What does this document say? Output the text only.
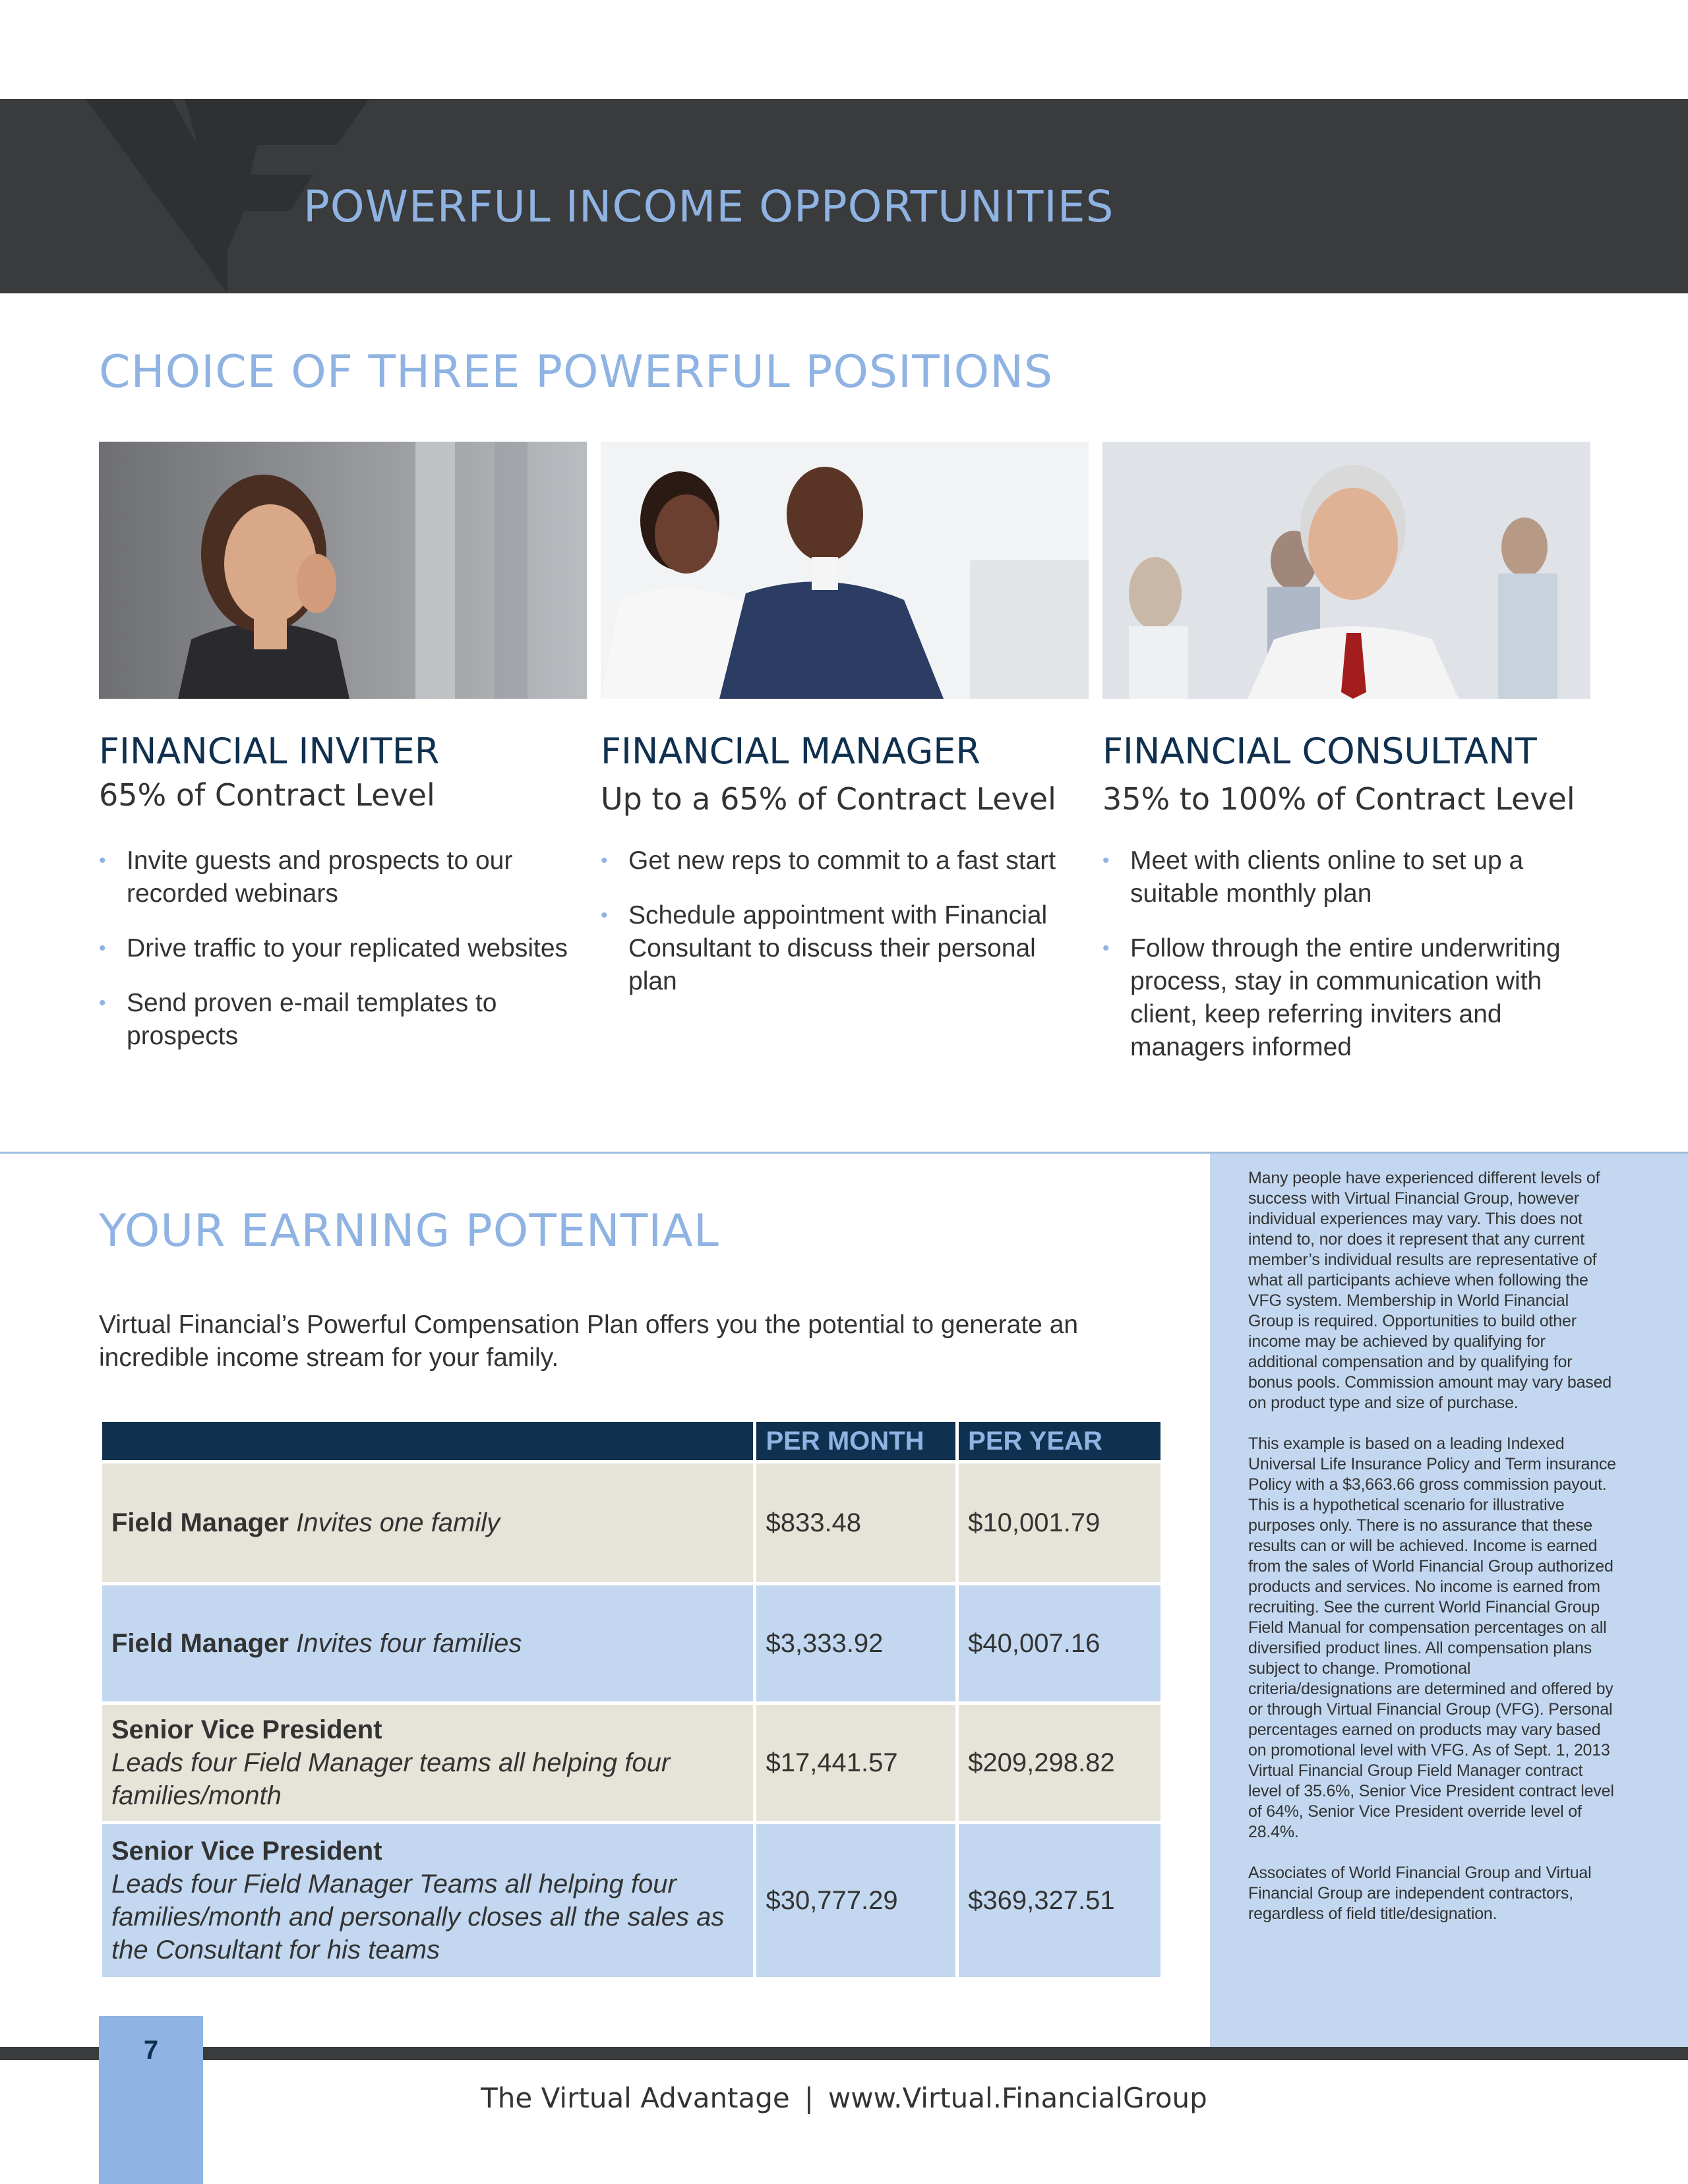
POWERFUL INCOME OPPORTUNITIES
CHOICE OF THREE POWERFUL POSITIONS
FINANCIAL INVITER
65% of Contract Level
• Invite guests and prospects to our recorded webinars
• Drive traffic to your replicated websites
• Send proven e-mail templates to prospects
FINANCIAL MANAGER
Up to a 65% of Contract Level
• Get new reps to commit to a fast start
• Schedule appointment with Financial Consultant to discuss their personal plan
FINANCIAL CONSULTANT
35% to 100% of Contract Level
• Meet with clients online to set up a suitable monthly plan
• Follow through the entire underwriting process, stay in communication with client, keep referring inviters and managers informed
YOUR EARNING POTENTIAL
Virtual Financial’s Powerful Compensation Plan offers you the potential to generate an incredible income stream for your family.
	PER MONTH	PER YEAR
Field Manager Invites one family	$833.48	$10,001.79
Field Manager Invites four families	$3,333.92	$40,007.16
Senior Vice President
Leads four Field Manager teams all helping four families/month	$17,441.57	$209,298.82
Senior Vice President
Leads four Field Manager Teams all helping four families/month and personally closes all the sales as the Consultant for his teams	$30,777.29	$369,327.51

Many people have experienced different levels of success with Virtual Financial Group, however individual experiences may vary. This does not intend to, nor does it represent that any current member’s individual results are representative of what all participants achieve when following the VFG system. Membership in World Financial Group is required. Opportunities to build other income may be achieved by qualifying for additional compensation and by qualifying for bonus pools. Commission amount may vary based on product type and size of purchase.

This example is based on a leading Indexed Universal Life Insurance Policy and Term insurance Policy with a $3,663.66 gross commission payout. This is a hypothetical scenario for illustrative purposes only. There is no assurance that these results can or will be achieved. Income is earned from the sales of World Financial Group authorized products and services. No income is earned from recruiting. See the current World Financial Group Field Manual for compensation percentages on all diversified product lines. All compensation plans subject to change. Promotional criteria/designations are determined and offered by or through Virtual Financial Group (VFG). Personal percentages earned on products may vary based on promotional level with VFG. As of Sept. 1, 2013 Virtual Financial Group Field Manager contract level of 35.6%, Senior Vice President contract level of 64%, Senior Vice President override level of 28.4%.

Associates of World Financial Group and Virtual Financial Group are independent contractors, regardless of field title/designation.

7
The Virtual Advantage | www.Virtual.FinancialGroup
